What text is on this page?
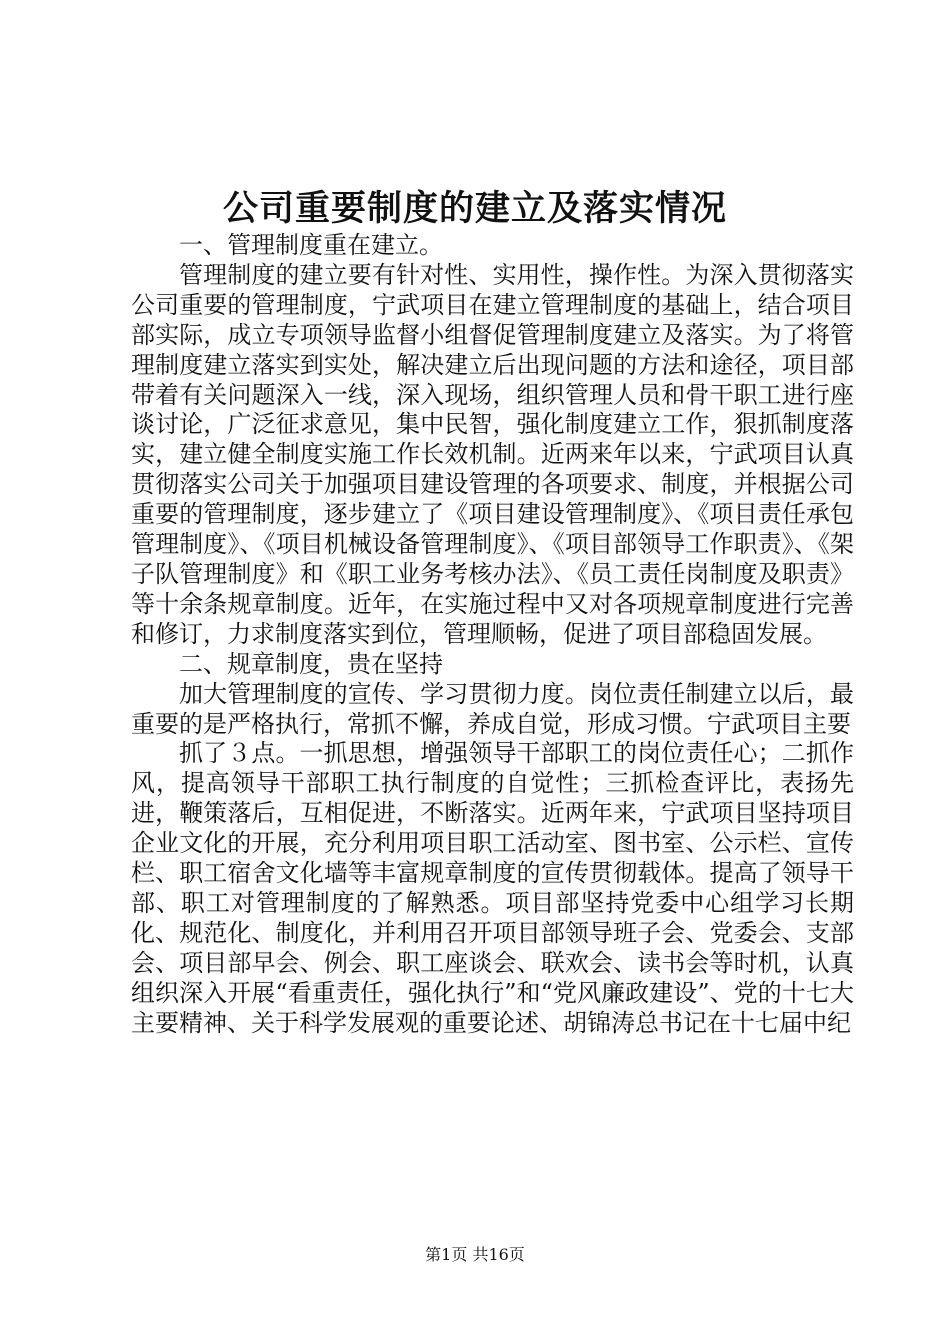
公司重要制度的建立及落实情况

一、管理制度重在建立。

管理制度的建立要有针对性、实用性，操作性。为深入贯彻落实公司重要的管理制度，宁武项目在建立管理制度的基础上，结合项目部实际，成立专项领导监督小组督促管理制度建立及落实。为了将管理制度建立落实到实处，解决建立后出现问题的方法和途径，项目部带着有关问题深入一线，深入现场，组织管理人员和骨干职工进行座谈讨论，广泛征求意见，集中民智，强化制度建立工作，狠抓制度落实，建立健全制度实施工作长效机制。近两来年以来，宁武项目认真贯彻落实公司关于加强项目建设管理的各项要求、制度，并根据公司重要的管理制度，逐步建立了《项目建设管理制度》、《项目责任承包管理制度》、《项目机械设备管理制度》、《项目部领导工作职责》、《架子队管理制度》和《职工业务考核办法》、《员工责任岗制度及职责》等十余条规章制度。近年，在实施过程中又对各项规章制度进行完善和修订，力求制度落实到位，管理顺畅，促进了项目部稳固发展。

二、规章制度，贵在坚持

加大管理制度的宣传、学习贯彻力度。岗位责任制建立以后，最重要的是严格执行，常抓不懈，养成自觉，形成习惯。宁武项目主要

抓了３点。一抓思想，增强领导干部职工的岗位责任心；二抓作风，提高领导干部职工执行制度的自觉性；三抓检查评比，表扬先进，鞭策落后，互相促进，不断落实。近两年来，宁武项目坚持项目企业文化的开展，充分利用项目职工活动室、图书室、公示栏、宣传栏、职工宿舍文化墙等丰富规章制度的宣传贯彻载体。提高了领导干部、职工对管理制度的了解熟悉。项目部坚持党委中心组学习长期化、规范化、制度化，并利用召开项目部领导班子会、党委会、支部会、项目部早会、例会、职工座谈会、联欢会、读书会等时机，认真组织深入开展“看重责任，强化执行”和“党风廉政建设”、党的十七大主要精神、关于科学发展观的重要论述、胡锦涛总书记在十七届中纪

第1页 共16页
